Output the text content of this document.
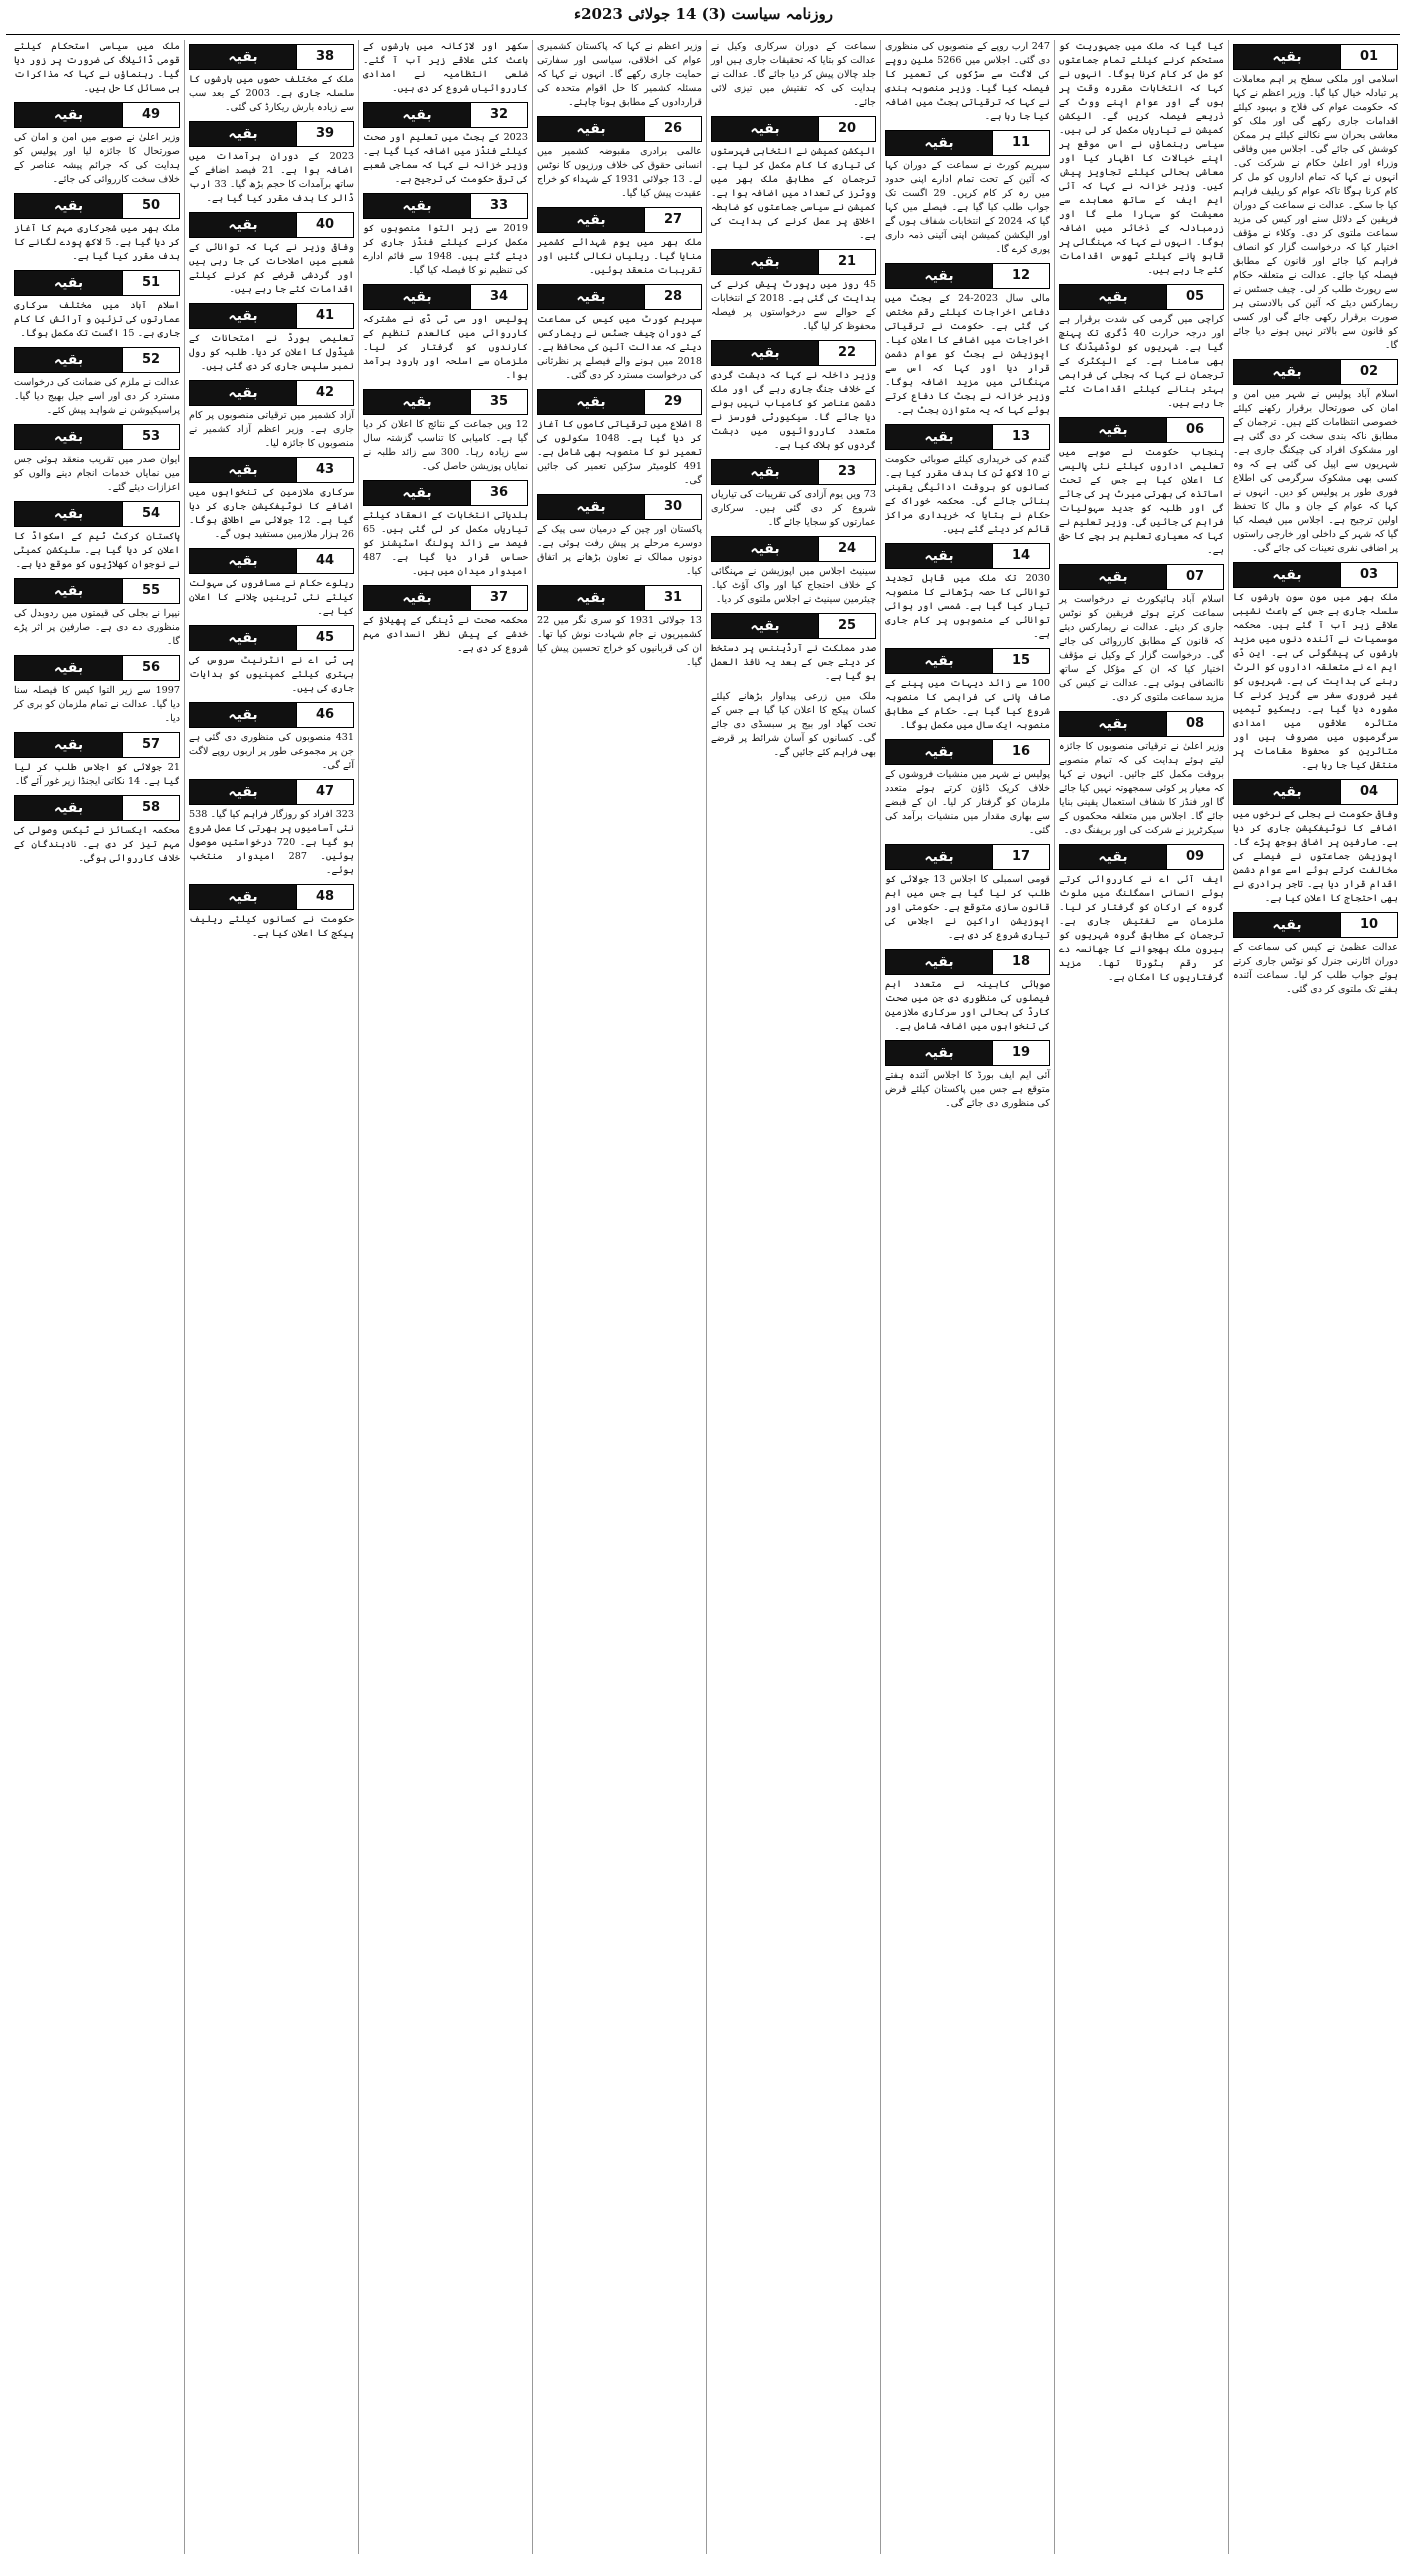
روزنامہ سیاست (3) 14 جولائی 2023ء
01
بقیہ
اسلامی اور ملکی سطح پر اہم معاملات پر تبادلہ خیال کیا گیا۔ وزیر اعظم نے کہا کہ حکومت عوام کی فلاح و بہبود کیلئے اقدامات جاری رکھے گی اور ملک کو معاشی بحران سے نکالنے کیلئے ہر ممکن کوشش کی جائے گی۔ اجلاس میں وفاقی وزراء اور اعلیٰ حکام نے شرکت کی۔ انہوں نے کہا کہ تمام اداروں کو مل کر کام کرنا ہوگا تاکہ عوام کو ریلیف فراہم کیا جا سکے۔ عدالت نے سماعت کے دوران فریقین کے دلائل سنے اور کیس کی مزید سماعت ملتوی کر دی۔ وکلاء نے مؤقف اختیار کیا کہ درخواست گزار کو انصاف فراہم کیا جائے اور قانون کے مطابق فیصلہ کیا جائے۔ عدالت نے متعلقہ حکام سے رپورٹ طلب کر لی۔ چیف جسٹس نے ریمارکس دیئے کہ آئین کی بالادستی ہر صورت برقرار رکھی جائے گی اور کسی کو قانون سے بالاتر نہیں ہونے دیا جائے گا۔
02
بقیہ
اسلام آباد پولیس نے شہر میں امن و امان کی صورتحال برقرار رکھنے کیلئے خصوصی انتظامات کئے ہیں۔ ترجمان کے مطابق ناکہ بندی سخت کر دی گئی ہے اور مشکوک افراد کی چیکنگ جاری ہے۔ شہریوں سے اپیل کی گئی ہے کہ وہ کسی بھی مشکوک سرگرمی کی اطلاع فوری طور پر پولیس کو دیں۔ انہوں نے کہا کہ عوام کے جان و مال کا تحفظ اولین ترجیح ہے۔ اجلاس میں فیصلہ کیا گیا کہ شہر کے داخلی اور خارجی راستوں پر اضافی نفری تعینات کی جائے گی۔
03
بقیہ
ملک بھر میں مون سون بارشوں کا سلسلہ جاری ہے جس کے باعث نشیبی علاقے زیر آب آ گئے ہیں۔ محکمہ موسمیات نے آئندہ دنوں میں مزید بارشوں کی پیشگوئی کی ہے۔ این ڈی ایم اے نے متعلقہ اداروں کو الرٹ رہنے کی ہدایت کی ہے۔ شہریوں کو غیر ضروری سفر سے گریز کرنے کا مشورہ دیا گیا ہے۔ ریسکیو ٹیمیں متاثرہ علاقوں میں امدادی سرگرمیوں میں مصروف ہیں اور متاثرین کو محفوظ مقامات پر منتقل کیا جا رہا ہے۔
04
بقیہ
وفاقی حکومت نے بجلی کے نرخوں میں اضافے کا نوٹیفکیشن جاری کر دیا ہے۔ صارفین پر اضافی بوجھ پڑے گا۔ اپوزیشن جماعتوں نے فیصلے کی مخالفت کرتے ہوئے اسے عوام دشمن اقدام قرار دیا ہے۔ تاجر برادری نے بھی احتجاج کا اعلان کیا ہے۔
10
بقیہ
عدالت عظمیٰ نے کیس کی سماعت کے دوران اٹارنی جنرل کو نوٹس جاری کرتے ہوئے جواب طلب کر لیا۔ سماعت آئندہ ہفتے تک ملتوی کر دی گئی۔
کیا گیا کہ ملک میں جمہوریت کو مستحکم کرنے کیلئے تمام جماعتوں کو مل کر کام کرنا ہوگا۔ انہوں نے کہا کہ انتخابات مقررہ وقت پر ہوں گے اور عوام اپنے ووٹ کے ذریعے فیصلہ کریں گے۔ الیکشن کمیشن نے تیاریاں مکمل کر لی ہیں۔ سیاسی رہنماؤں نے اس موقع پر اپنے خیالات کا اظہار کیا اور معاشی بحالی کیلئے تجاویز پیش کیں۔ وزیر خزانہ نے کہا کہ آئی ایم ایف کے ساتھ معاہدے سے معیشت کو سہارا ملے گا اور زرمبادلہ کے ذخائر میں اضافہ ہوگا۔ انہوں نے کہا کہ مہنگائی پر قابو پانے کیلئے ٹھوس اقدامات کئے جا رہے ہیں۔
05
بقیہ
کراچی میں گرمی کی شدت برقرار ہے اور درجہ حرارت 40 ڈگری تک پہنچ گیا ہے۔ شہریوں کو لوڈشیڈنگ کا بھی سامنا ہے۔ کے الیکٹرک کے ترجمان نے کہا کہ بجلی کی فراہمی بہتر بنانے کیلئے اقدامات کئے جا رہے ہیں۔
06
بقیہ
پنجاب حکومت نے صوبے میں تعلیمی اداروں کیلئے نئی پالیسی کا اعلان کیا ہے جس کے تحت اساتذہ کی بھرتی میرٹ پر کی جائے گی اور طلبہ کو جدید سہولیات فراہم کی جائیں گی۔ وزیر تعلیم نے کہا کہ معیاری تعلیم ہر بچے کا حق ہے۔
07
بقیہ
اسلام آباد ہائیکورٹ نے درخواست پر سماعت کرتے ہوئے فریقین کو نوٹس جاری کر دیئے۔ عدالت نے ریمارکس دیئے کہ قانون کے مطابق کارروائی کی جائے گی۔ درخواست گزار کے وکیل نے مؤقف اختیار کیا کہ ان کے مؤکل کے ساتھ ناانصافی ہوئی ہے۔ عدالت نے کیس کی مزید سماعت ملتوی کر دی۔
08
بقیہ
وزیر اعلیٰ نے ترقیاتی منصوبوں کا جائزہ لیتے ہوئے ہدایت کی کہ تمام منصوبے بروقت مکمل کئے جائیں۔ انہوں نے کہا کہ معیار پر کوئی سمجھوتہ نہیں کیا جائے گا اور فنڈز کا شفاف استعمال یقینی بنایا جائے گا۔ اجلاس میں متعلقہ محکموں کے سیکرٹریز نے شرکت کی اور بریفنگ دی۔
09
بقیہ
ایف آئی اے نے کارروائی کرتے ہوئے انسانی اسمگلنگ میں ملوث گروہ کے ارکان کو گرفتار کر لیا۔ ملزمان سے تفتیش جاری ہے۔ ترجمان کے مطابق گروہ شہریوں کو بیرون ملک بھجوانے کا جھانسہ دے کر رقم بٹورتا تھا۔ مزید گرفتاریوں کا امکان ہے۔
247 ارب روپے کے منصوبوں کی منظوری دی گئی۔ اجلاس میں 5266 ملین روپے کی لاگت سے سڑکوں کی تعمیر کا فیصلہ کیا گیا۔ وزیر منصوبہ بندی نے کہا کہ ترقیاتی بجٹ میں اضافہ کیا جا رہا ہے۔
11
بقیہ
سپریم کورٹ نے سماعت کے دوران کہا کہ آئین کے تحت تمام ادارے اپنی حدود میں رہ کر کام کریں۔ 29 اگست تک جواب طلب کیا گیا ہے۔ فیصلے میں کہا گیا کہ 2024 کے انتخابات شفاف ہوں گے اور الیکشن کمیشن اپنی آئینی ذمہ داری پوری کرے گا۔
12
بقیہ
مالی سال 2023-24 کے بجٹ میں دفاعی اخراجات کیلئے رقم مختص کی گئی ہے۔ حکومت نے ترقیاتی اخراجات میں اضافے کا اعلان کیا۔ اپوزیشن نے بجٹ کو عوام دشمن قرار دیا اور کہا کہ اس سے مہنگائی میں مزید اضافہ ہوگا۔ وزیر خزانہ نے بجٹ کا دفاع کرتے ہوئے کہا کہ یہ متوازن بجٹ ہے۔
13
بقیہ
گندم کی خریداری کیلئے صوبائی حکومت نے 10 لاکھ ٹن کا ہدف مقرر کیا ہے۔ کسانوں کو بروقت ادائیگی یقینی بنائی جائے گی۔ محکمہ خوراک کے حکام نے بتایا کہ خریداری مراکز قائم کر دیئے گئے ہیں۔
14
بقیہ
2030 تک ملک میں قابل تجدید توانائی کا حصہ بڑھانے کا منصوبہ تیار کیا گیا ہے۔ شمسی اور ہوائی توانائی کے منصوبوں پر کام جاری ہے۔
15
بقیہ
100 سے زائد دیہات میں پینے کے صاف پانی کی فراہمی کا منصوبہ شروع کیا گیا ہے۔ حکام کے مطابق منصوبہ ایک سال میں مکمل ہوگا۔
16
بقیہ
پولیس نے شہر میں منشیات فروشوں کے خلاف کریک ڈاؤن کرتے ہوئے متعدد ملزمان کو گرفتار کر لیا۔ ان کے قبضے سے بھاری مقدار میں منشیات برآمد کی گئی۔
17
بقیہ
قومی اسمبلی کا اجلاس 13 جولائی کو طلب کر لیا گیا ہے جس میں اہم قانون سازی متوقع ہے۔ حکومتی اور اپوزیشن اراکین نے اجلاس کی تیاری شروع کر دی ہے۔
18
بقیہ
صوبائی کابینہ نے متعدد اہم فیصلوں کی منظوری دی جن میں صحت کارڈ کی بحالی اور سرکاری ملازمین کی تنخواہوں میں اضافہ شامل ہے۔
19
بقیہ
آئی ایم ایف بورڈ کا اجلاس آئندہ ہفتے متوقع ہے جس میں پاکستان کیلئے قرض کی منظوری دی جائے گی۔
سماعت کے دوران سرکاری وکیل نے عدالت کو بتایا کہ تحقیقات جاری ہیں اور جلد چالان پیش کر دیا جائے گا۔ عدالت نے ہدایت کی کہ تفتیش میں تیزی لائی جائے۔
20
بقیہ
الیکشن کمیشن نے انتخابی فہرستوں کی تیاری کا کام مکمل کر لیا ہے۔ ترجمان کے مطابق ملک بھر میں ووٹرز کی تعداد میں اضافہ ہوا ہے۔ کمیشن نے سیاسی جماعتوں کو ضابطہ اخلاق پر عمل کرنے کی ہدایت کی ہے۔
21
بقیہ
45 روز میں رپورٹ پیش کرنے کی ہدایت کی گئی ہے۔ 2018 کے انتخابات کے حوالے سے درخواستوں پر فیصلہ محفوظ کر لیا گیا۔
22
بقیہ
وزیر داخلہ نے کہا کہ دہشت گردی کے خلاف جنگ جاری رہے گی اور ملک دشمن عناصر کو کامیاب نہیں ہونے دیا جائے گا۔ سیکیورٹی فورسز نے متعدد کارروائیوں میں دہشت گردوں کو ہلاک کیا ہے۔
23
بقیہ
73 ویں یوم آزادی کی تقریبات کی تیاریاں شروع کر دی گئی ہیں۔ سرکاری عمارتوں کو سجایا جائے گا۔
24
بقیہ
سینیٹ اجلاس میں اپوزیشن نے مہنگائی کے خلاف احتجاج کیا اور واک آؤٹ کیا۔ چیئرمین سینیٹ نے اجلاس ملتوی کر دیا۔
25
بقیہ
صدر مملکت نے آرڈیننس پر دستخط کر دیئے جس کے بعد یہ نافذ العمل ہو گیا ہے۔
ملک میں زرعی پیداوار بڑھانے کیلئے کسان پیکج کا اعلان کیا گیا ہے جس کے تحت کھاد اور بیج پر سبسڈی دی جائے گی۔ کسانوں کو آسان شرائط پر قرضے بھی فراہم کئے جائیں گے۔
وزیر اعظم نے کہا کہ پاکستان کشمیری عوام کی اخلاقی، سیاسی اور سفارتی حمایت جاری رکھے گا۔ انہوں نے کہا کہ مسئلہ کشمیر کا حل اقوام متحدہ کی قراردادوں کے مطابق ہونا چاہئے۔
26
بقیہ
عالمی برادری مقبوضہ کشمیر میں انسانی حقوق کی خلاف ورزیوں کا نوٹس لے۔ 13 جولائی 1931 کے شہداء کو خراج عقیدت پیش کیا گیا۔
27
بقیہ
ملک بھر میں یوم شہدائے کشمیر منایا گیا۔ ریلیاں نکالی گئیں اور تقریبات منعقد ہوئیں۔
28
بقیہ
سپریم کورٹ میں کیس کی سماعت کے دوران چیف جسٹس نے ریمارکس دیئے کہ عدالت آئین کی محافظ ہے۔ 2018 میں ہونے والے فیصلے پر نظرثانی کی درخواست مسترد کر دی گئی۔
29
بقیہ
8 اضلاع میں ترقیاتی کاموں کا آغاز کر دیا گیا ہے۔ 1048 سکولوں کی تعمیر نو کا منصوبہ بھی شامل ہے۔ 491 کلومیٹر سڑکیں تعمیر کی جائیں گی۔
30
بقیہ
پاکستان اور چین کے درمیان سی پیک کے دوسرے مرحلے پر پیش رفت ہوئی ہے۔ دونوں ممالک نے تعاون بڑھانے پر اتفاق کیا۔
31
بقیہ
13 جولائی 1931 کو سری نگر میں 22 کشمیریوں نے جام شہادت نوش کیا تھا۔ ان کی قربانیوں کو خراج تحسین پیش کیا گیا۔
سکھر اور لاڑکانہ میں بارشوں کے باعث کئی علاقے زیر آب آ گئے۔ ضلعی انتظامیہ نے امدادی کارروائیاں شروع کر دی ہیں۔
32
بقیہ
2023 کے بجٹ میں تعلیم اور صحت کیلئے فنڈز میں اضافہ کیا گیا ہے۔ وزیر خزانہ نے کہا کہ سماجی شعبے کی ترقی حکومت کی ترجیح ہے۔
33
بقیہ
2019 سے زیر التوا منصوبوں کو مکمل کرنے کیلئے فنڈز جاری کر دیئے گئے ہیں۔ 1948 سے قائم ادارے کی تنظیم نو کا فیصلہ کیا گیا۔
34
بقیہ
پولیس اور سی ٹی ڈی نے مشترکہ کارروائی میں کالعدم تنظیم کے کارندوں کو گرفتار کر لیا۔ ملزمان سے اسلحہ اور بارود برآمد ہوا۔
35
بقیہ
12 ویں جماعت کے نتائج کا اعلان کر دیا گیا ہے۔ کامیابی کا تناسب گزشتہ سال سے زیادہ رہا۔ 300 سے زائد طلبہ نے نمایاں پوزیشن حاصل کی۔
36
بقیہ
بلدیاتی انتخابات کے انعقاد کیلئے تیاریاں مکمل کر لی گئی ہیں۔ 65 فیصد سے زائد پولنگ اسٹیشنز کو حساس قرار دیا گیا ہے۔ 487 امیدوار میدان میں ہیں۔
37
بقیہ
محکمہ صحت نے ڈینگی کے پھیلاؤ کے خدشے کے پیش نظر انسدادی مہم شروع کر دی ہے۔
38
بقیہ
ملک کے مختلف حصوں میں بارشوں کا سلسلہ جاری ہے۔ 2003 کے بعد سب سے زیادہ بارش ریکارڈ کی گئی۔
39
بقیہ
2023 کے دوران برآمدات میں اضافہ ہوا ہے۔ 21 فیصد اضافے کے ساتھ برآمدات کا حجم بڑھ گیا۔ 33 ارب ڈالر کا ہدف مقرر کیا گیا ہے۔
40
بقیہ
وفاقی وزیر نے کہا کہ توانائی کے شعبے میں اصلاحات کی جا رہی ہیں اور گردشی قرضے کم کرنے کیلئے اقدامات کئے جا رہے ہیں۔
41
بقیہ
تعلیمی بورڈ نے امتحانات کے شیڈول کا اعلان کر دیا۔ طلبہ کو رول نمبر سلپس جاری کر دی گئی ہیں۔
42
بقیہ
آزاد کشمیر میں ترقیاتی منصوبوں پر کام جاری ہے۔ وزیر اعظم آزاد کشمیر نے منصوبوں کا جائزہ لیا۔
43
بقیہ
سرکاری ملازمین کی تنخواہوں میں اضافے کا نوٹیفکیشن جاری کر دیا گیا ہے۔ 12 جولائی سے اطلاق ہوگا۔ 26 ہزار ملازمین مستفید ہوں گے۔
44
بقیہ
ریلوے حکام نے مسافروں کی سہولت کیلئے نئی ٹرینیں چلانے کا اعلان کیا ہے۔
45
بقیہ
پی ٹی اے نے انٹرنیٹ سروس کی بہتری کیلئے کمپنیوں کو ہدایات جاری کی ہیں۔
46
بقیہ
431 منصوبوں کی منظوری دی گئی ہے جن پر مجموعی طور پر اربوں روپے لاگت آئے گی۔
47
بقیہ
323 افراد کو روزگار فراہم کیا گیا۔ 538 نئی آسامیوں پر بھرتی کا عمل شروع ہو گیا ہے۔ 720 درخواستیں موصول ہوئیں۔ 287 امیدوار منتخب ہوئے۔
48
بقیہ
حکومت نے کسانوں کیلئے ریلیف پیکج کا اعلان کیا ہے۔
ملک میں سیاسی استحکام کیلئے قومی ڈائیلاگ کی ضرورت پر زور دیا گیا۔ رہنماؤں نے کہا کہ مذاکرات ہی مسائل کا حل ہیں۔
49
بقیہ
وزیر اعلیٰ نے صوبے میں امن و امان کی صورتحال کا جائزہ لیا اور پولیس کو ہدایت کی کہ جرائم پیشہ عناصر کے خلاف سخت کارروائی کی جائے۔
50
بقیہ
ملک بھر میں شجرکاری مہم کا آغاز کر دیا گیا ہے۔ 5 لاکھ پودے لگانے کا ہدف مقرر کیا گیا ہے۔
51
بقیہ
اسلام آباد میں مختلف سرکاری عمارتوں کی تزئین و آرائش کا کام جاری ہے۔ 15 اگست تک مکمل ہوگا۔
52
بقیہ
عدالت نے ملزم کی ضمانت کی درخواست مسترد کر دی اور اسے جیل بھیج دیا گیا۔ پراسیکیوشن نے شواہد پیش کئے۔
53
بقیہ
ایوان صدر میں تقریب منعقد ہوئی جس میں نمایاں خدمات انجام دینے والوں کو اعزازات دیئے گئے۔
54
بقیہ
پاکستان کرکٹ ٹیم کے اسکواڈ کا اعلان کر دیا گیا ہے۔ سلیکشن کمیٹی نے نوجوان کھلاڑیوں کو موقع دیا ہے۔
55
بقیہ
نیپرا نے بجلی کی قیمتوں میں ردوبدل کی منظوری دے دی ہے۔ صارفین پر اثر پڑے گا۔
56
بقیہ
1997 سے زیر التوا کیس کا فیصلہ سنا دیا گیا۔ عدالت نے تمام ملزمان کو بری کر دیا۔
57
بقیہ
21 جولائی کو اجلاس طلب کر لیا گیا ہے۔ 14 نکاتی ایجنڈا زیر غور آئے گا۔
58
بقیہ
محکمہ ایکسائز نے ٹیکس وصولی کی مہم تیز کر دی ہے۔ نادہندگان کے خلاف کارروائی ہوگی۔
